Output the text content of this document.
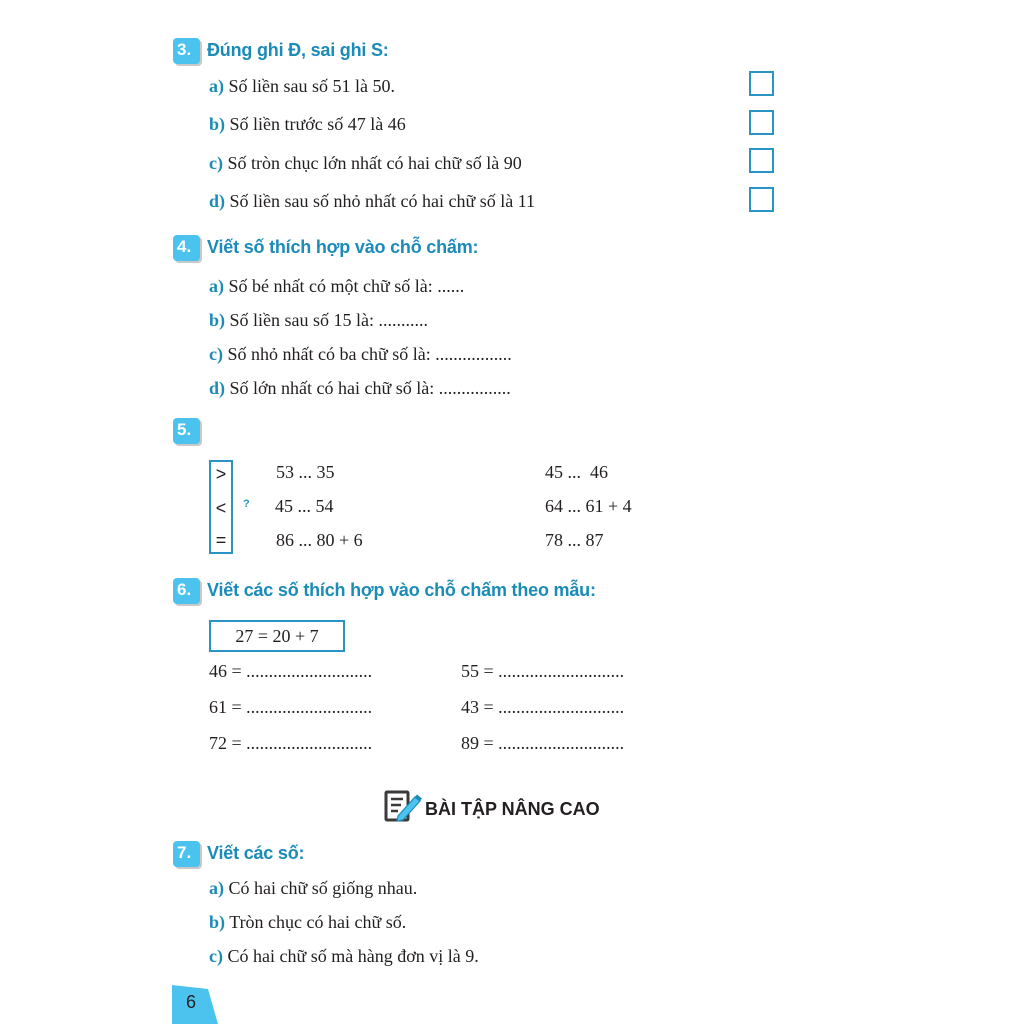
3. Đúng ghi Đ, sai ghi S:
a) Số liền sau số 51 là 50.
b) Số liền trước số 47 là 46
c) Số tròn chục lớn nhất có hai chữ số là 90
d) Số liền sau số nhỏ nhất có hai chữ số là 11
4. Viết số thích hợp vào chỗ chấm:
a) Số bé nhất có một chữ số là: ......
b) Số liền sau số 15 là: ...........
c) Số nhỏ nhất có ba chữ số là: .................
d) Số lớn nhất có hai chữ số là: ................
5.
>
<
=
?
53 ... 35
45 ... 54
86 ... 80 + 6
45 ...  46
64 ... 61 + 4
78 ... 87
6. Viết các số thích hợp vào chỗ chấm theo mẫu:
27 = 20 + 7
46 = ............................
61 = ............................
72 = ............................
55 = ............................
43 = ............................
89 = ............................
BÀI TẬP NÂNG CAO
7. Viết các số:
a) Có hai chữ số giống nhau.
b) Tròn chục có hai chữ số.
c) Có hai chữ số mà hàng đơn vị là 9.
6
